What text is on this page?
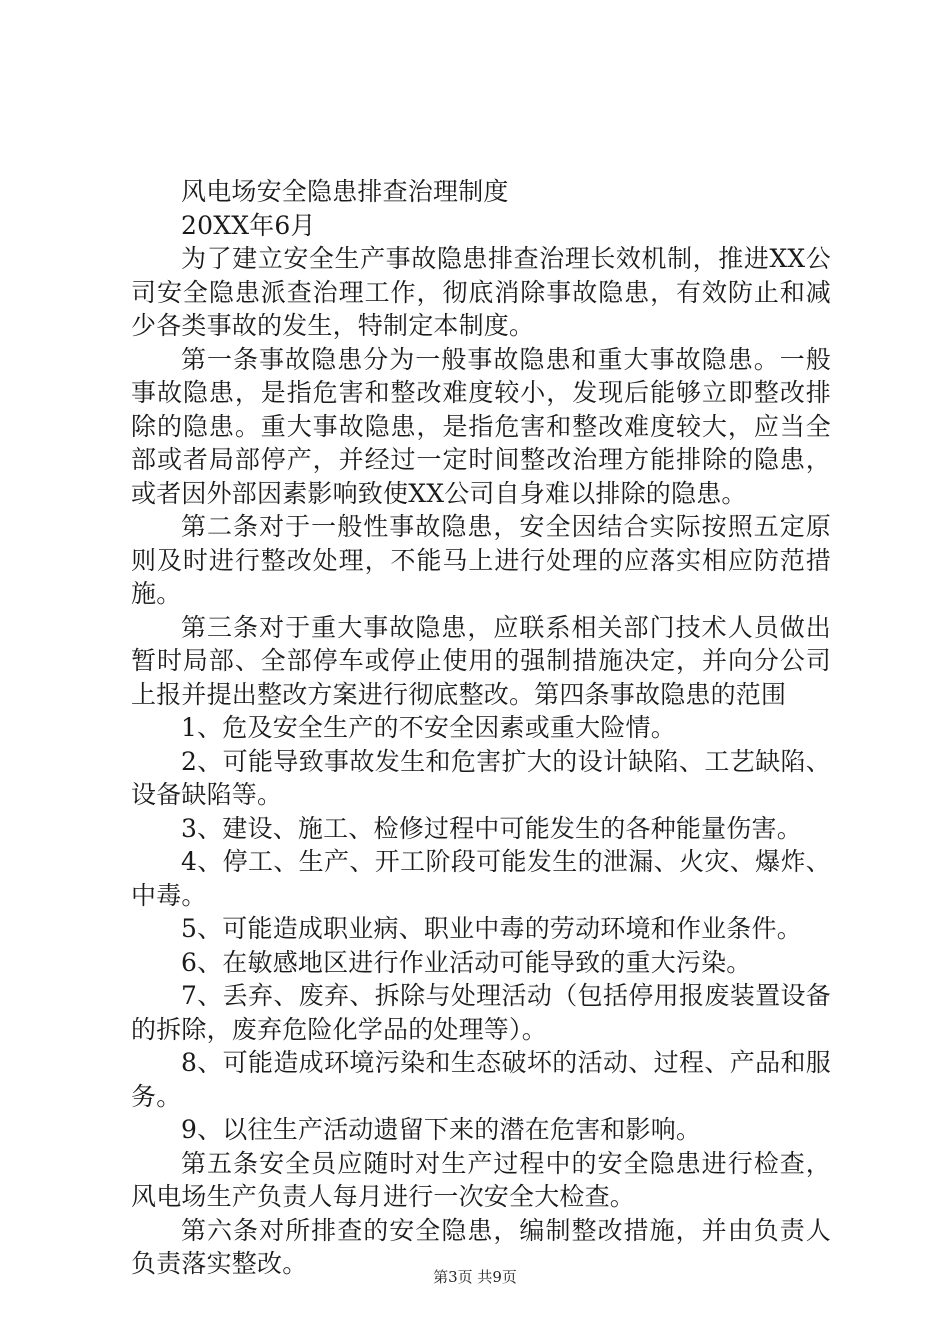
风电场安全隐患排查治理制度

20XX年6月

为了建立安全生产事故隐患排查治理长效机制，推进XX公司安全隐患派查治理工作，彻底消除事故隐患，有效防止和减少各类事故的发生，特制定本制度。

第一条事故隐患分为一般事故隐患和重大事故隐患。一般事故隐患，是指危害和整改难度较小，发现后能够立即整改排除的隐患。重大事故隐患，是指危害和整改难度较大，应当全部或者局部停产，并经过一定时间整改治理方能排除的隐患，或者因外部因素影响致使XX公司自身难以排除的隐患。

第二条对于一般性事故隐患，安全因结合实际按照五定原则及时进行整改处理，不能马上进行处理的应落实相应防范措施。

第三条对于重大事故隐患，应联系相关部门技术人员做出暂时局部、全部停车或停止使用的强制措施决定，并向分公司上报并提出整改方案进行彻底整改。第四条事故隐患的范围

1、危及安全生产的不安全因素或重大险情。

2、可能导致事故发生和危害扩大的设计缺陷、工艺缺陷、设备缺陷等。

3、建设、施工、检修过程中可能发生的各种能量伤害。

4、停工、生产、开工阶段可能发生的泄漏、火灾、爆炸、中毒。

5、可能造成职业病、职业中毒的劳动环境和作业条件。

6、在敏感地区进行作业活动可能导致的重大污染。

7、丢弃、废弃、拆除与处理活动（包括停用报废装置设备的拆除，废弃危险化学品的处理等）。

8、可能造成环境污染和生态破坏的活动、过程、产品和服务。

9、以往生产活动遗留下来的潜在危害和影响。

第五条安全员应随时对生产过程中的安全隐患进行检查，风电场生产负责人每月进行一次安全大检查。

第六条对所排查的安全隐患，编制整改措施，并由负责人负责落实整改。	第3页 共9页
